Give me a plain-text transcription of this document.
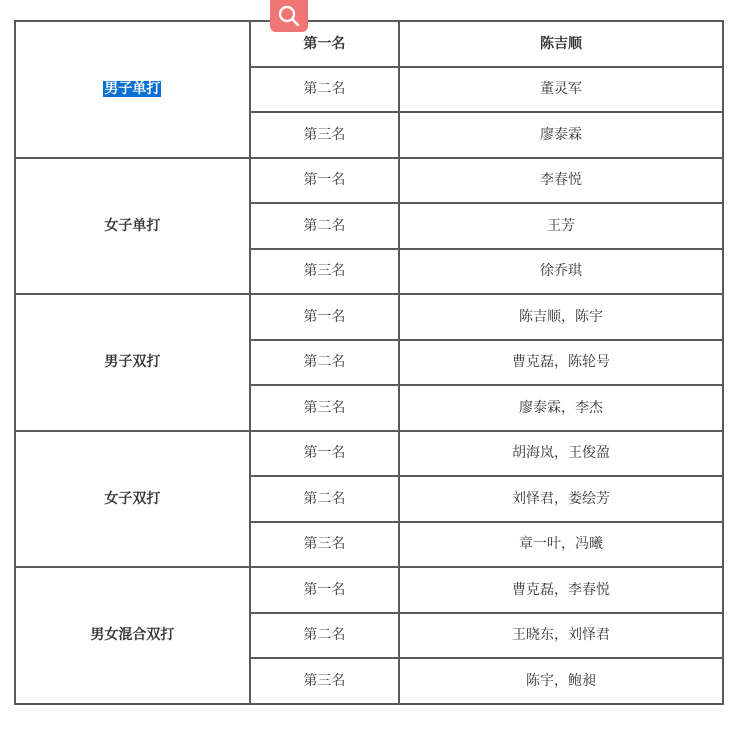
男子单打	第一名	陈吉顺
	第二名	董灵军
	第三名	廖泰霖
女子单打	第一名	李春悦
	第二名	王芳
	第三名	徐乔琪
男子双打	第一名	陈吉顺，陈宇
	第二名	曹克磊，陈轮号
	第三名	廖泰霖，李杰
女子双打	第一名	胡海岚，王俊盈
	第二名	刘怿君，娄绘芳
	第三名	章一叶，冯曦
男女混合双打	第一名	曹克磊，李春悦
	第二名	王晓东，刘怿君
	第三名	陈宇，鲍昶
